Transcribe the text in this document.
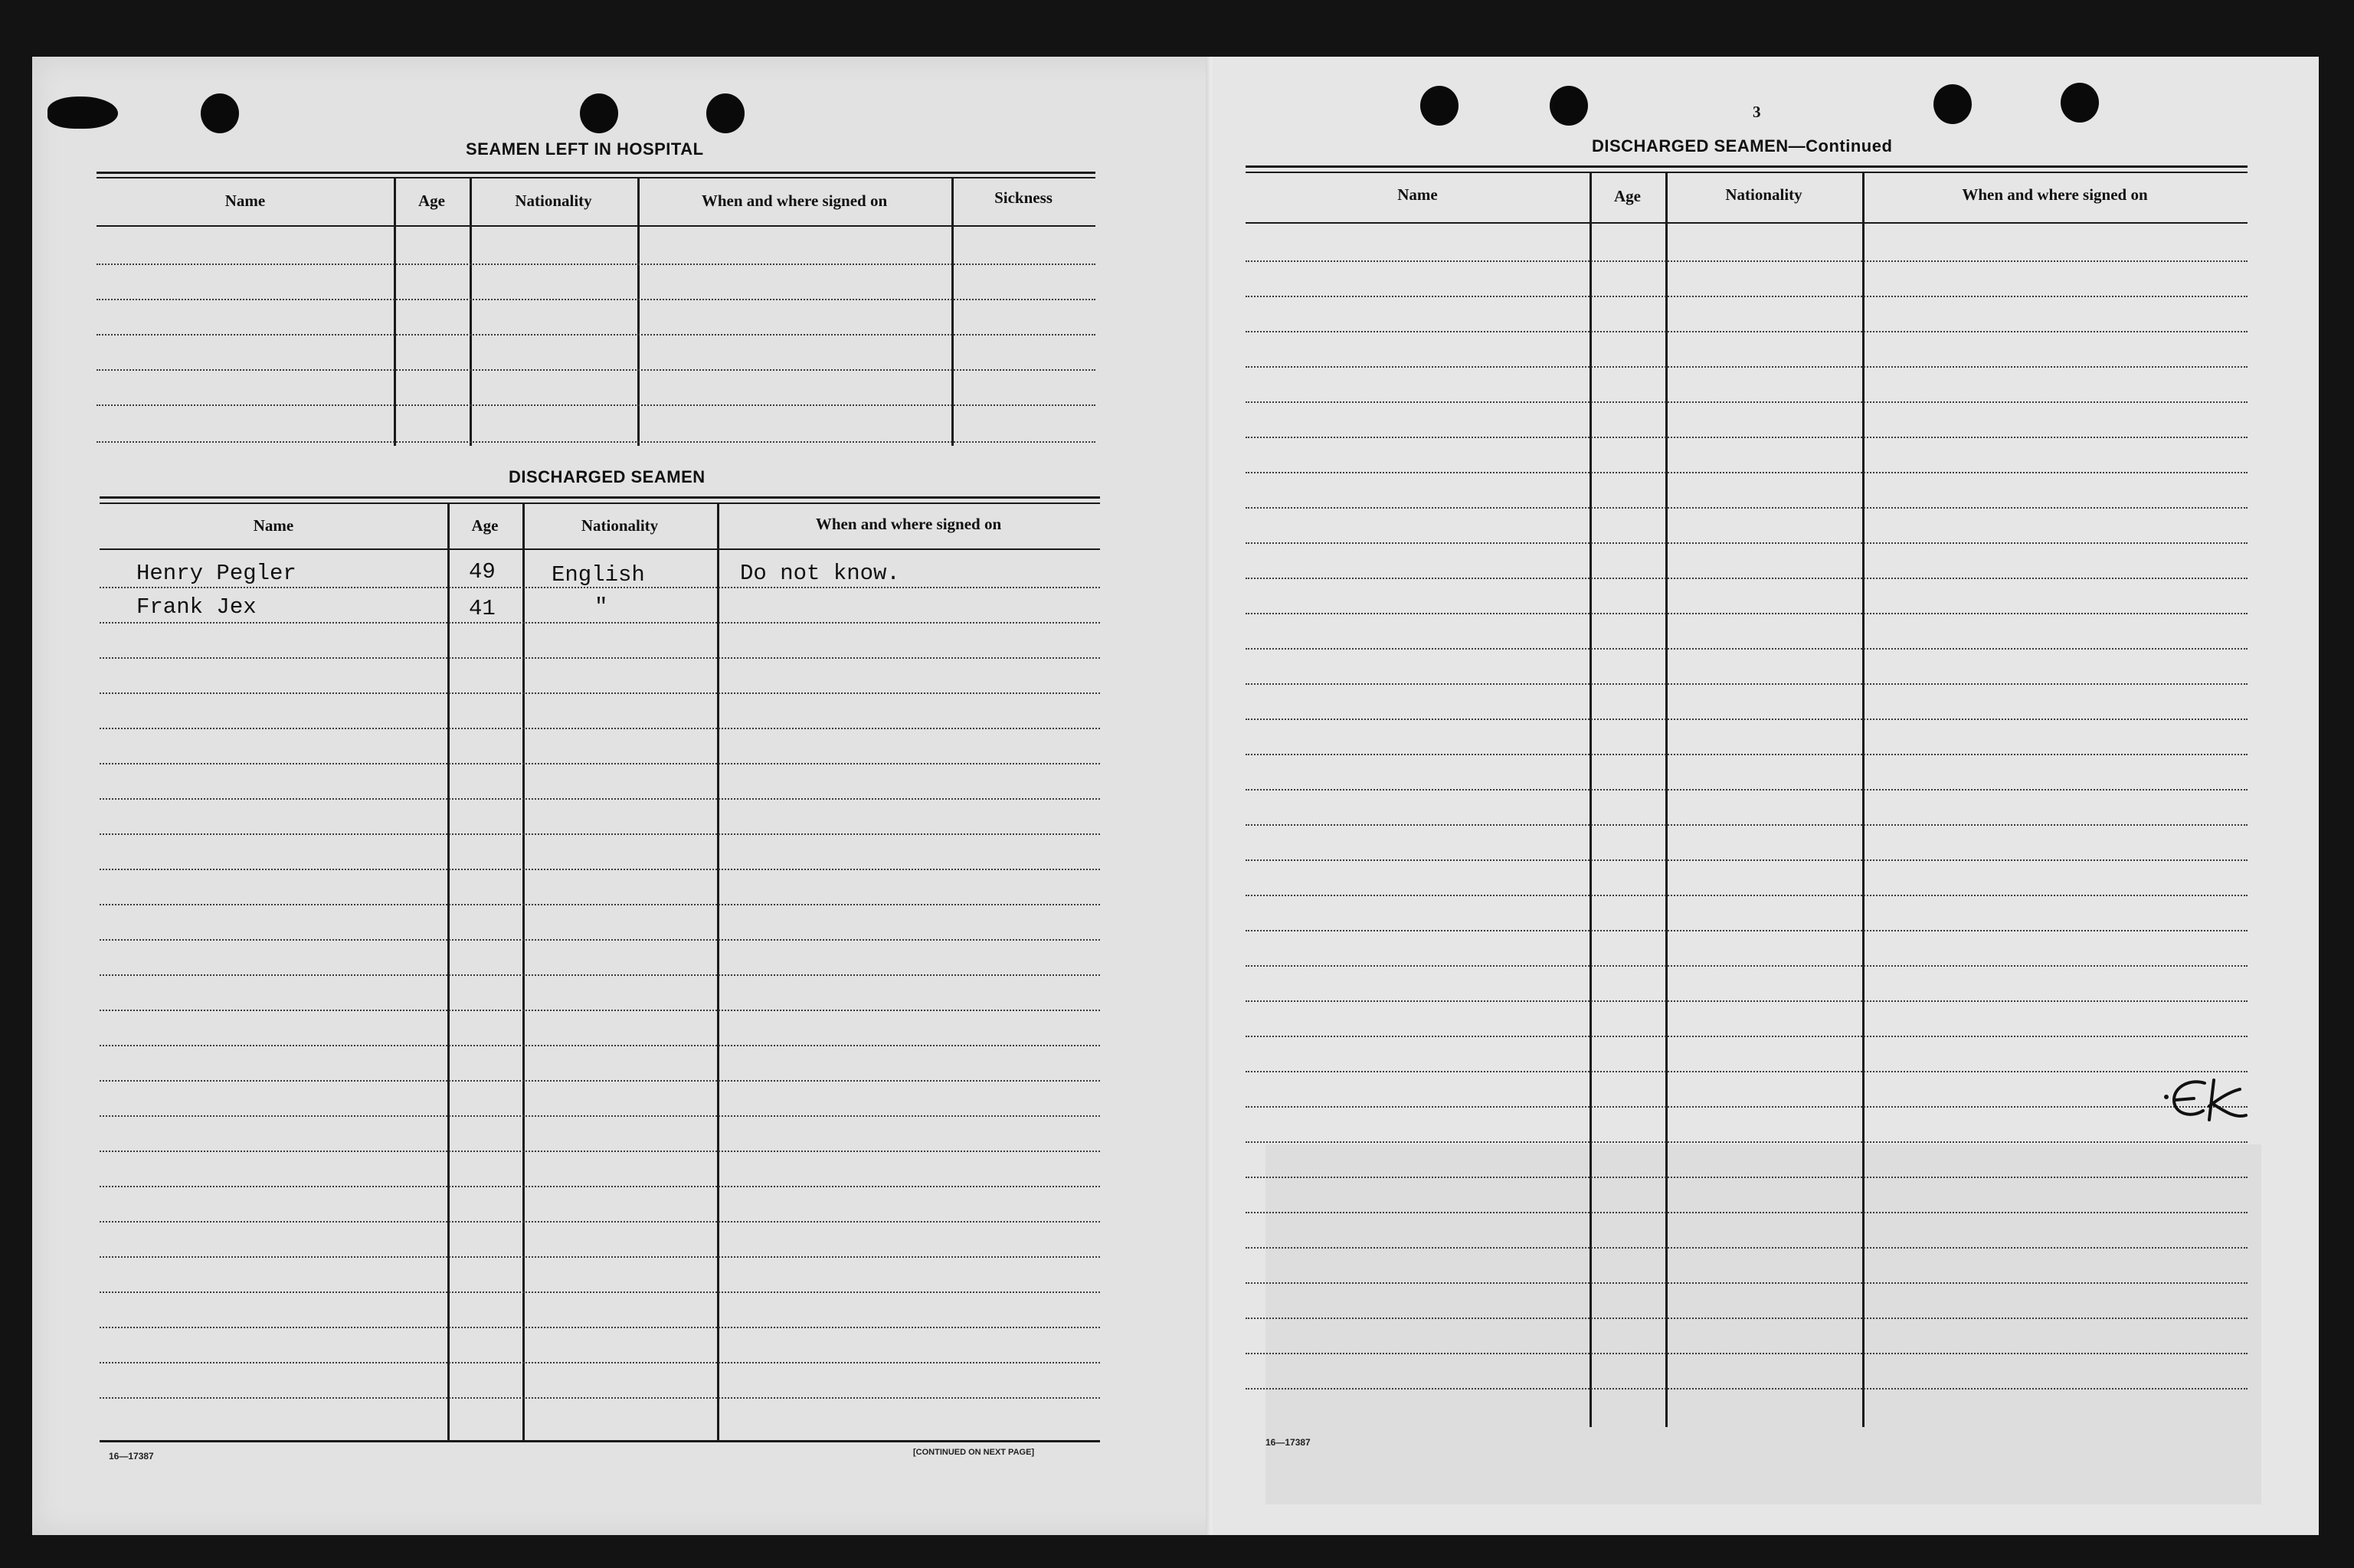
SEAMEN LEFT IN HOSPITAL
Name	Age	Nationality	When and where signed on	Sickness
DISCHARGED SEAMEN
Name	Age	Nationality	When and where signed on
Henry Pegler	49	English	Do not know.
Frank Jex	41	"
16—17387	[CONTINUED ON NEXT PAGE]
3
DISCHARGED SEAMEN—Continued
Name	Age	Nationality	When and where signed on
16—17387
